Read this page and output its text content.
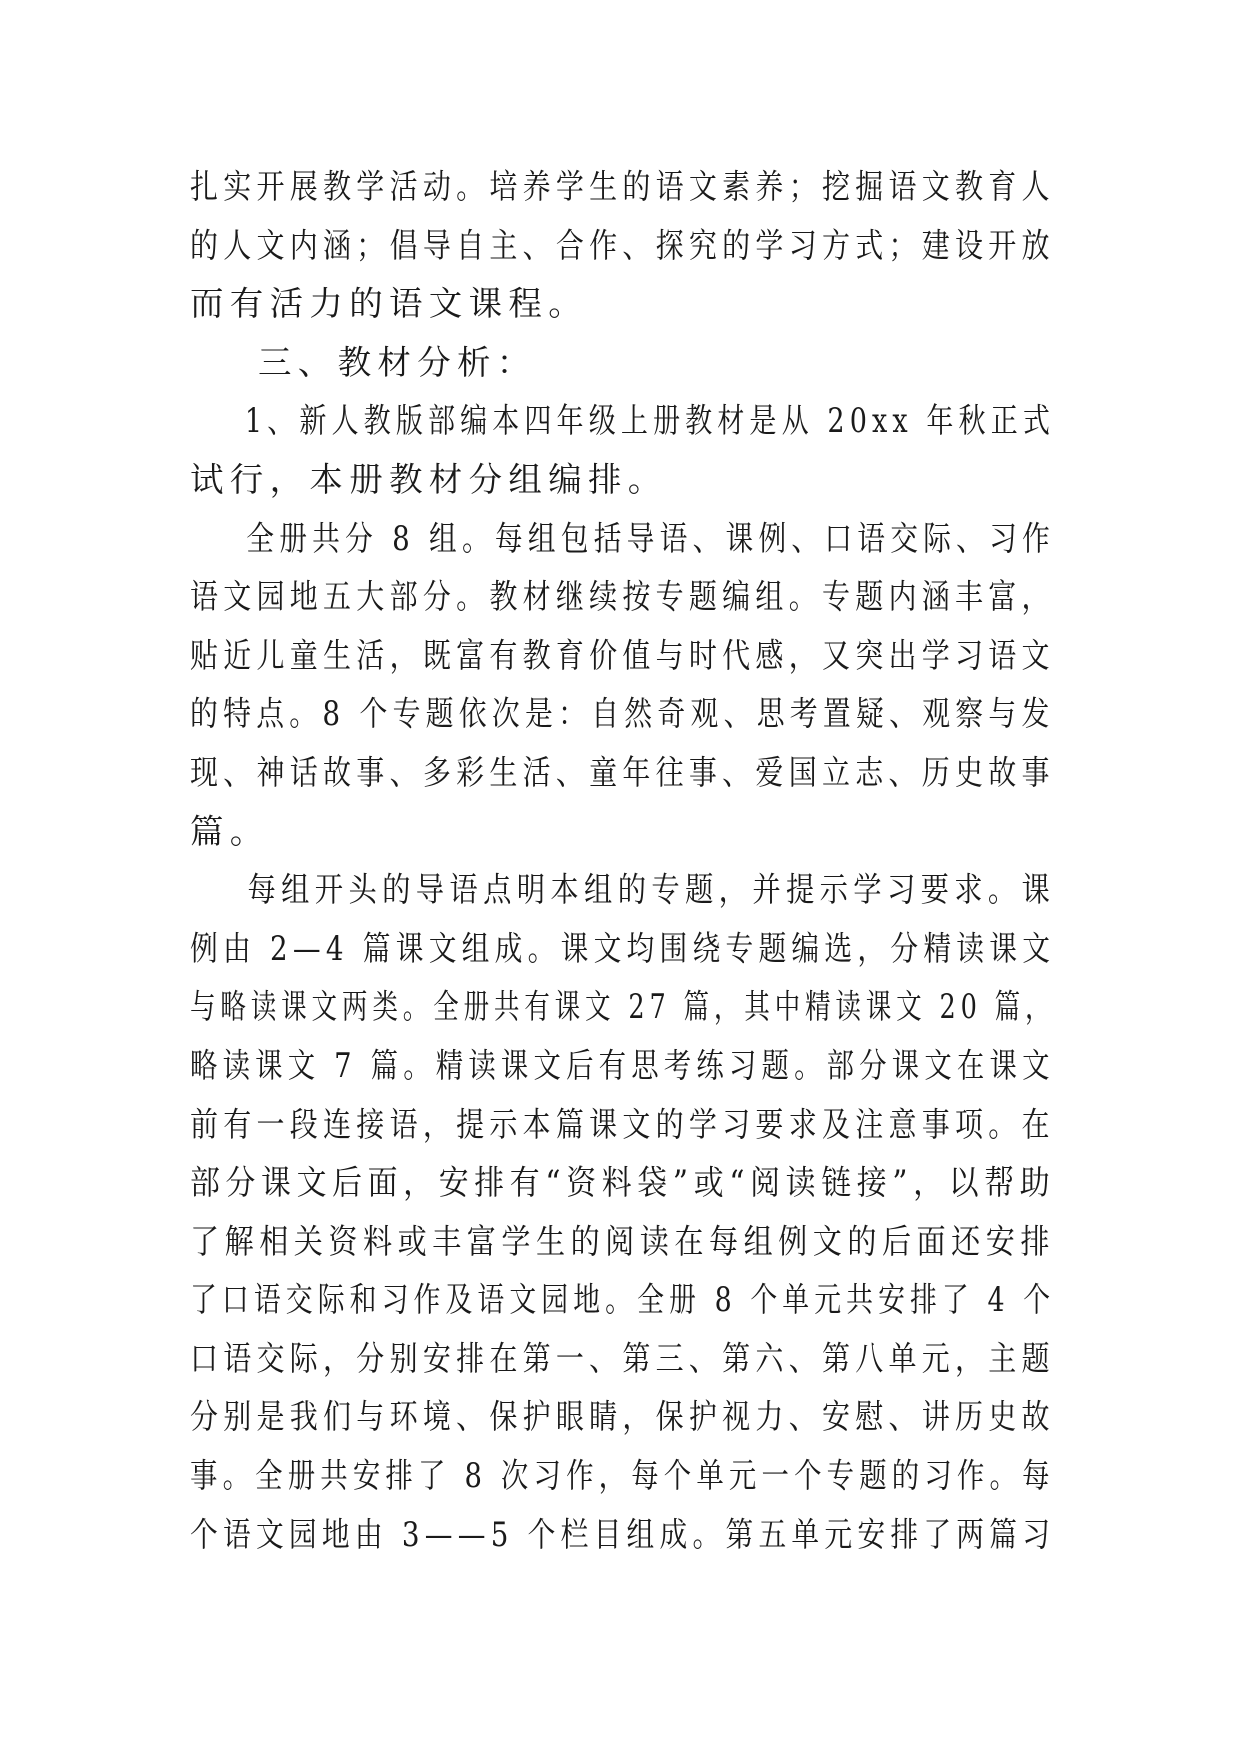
扎实开展教学活动。培养学生的语文素养；挖掘语文教育人
的人文内涵；倡导自主、合作、探究的学习方式；建设开放
而有活力的语文课程。
三、教材分析：
1、新人教版部编本四年级上册教材是从 20xx 年秋正式
试行，本册教材分组编排。
全册共分 8 组。每组包括导语、课例、口语交际、习作
语文园地五大部分。教材继续按专题编组。专题内涵丰富，
贴近儿童生活，既富有教育价值与时代感，又突出学习语文
的特点。8 个专题依次是：自然奇观、思考置疑、观察与发
现、神话故事、多彩生活、童年往事、爱国立志、历史故事
篇。
每组开头的导语点明本组的专题，并提示学习要求。课
例由 2—4 篇课文组成。课文均围绕专题编选，分精读课文
与略读课文两类。全册共有课文 27 篇，其中精读课文 20 篇，
略读课文 7 篇。精读课文后有思考练习题。部分课文在课文
前有一段连接语，提示本篇课文的学习要求及注意事项。在
部分课文后面，安排有“资料袋”或“阅读链接”，以帮助
了解相关资料或丰富学生的阅读在每组例文的后面还安排
了口语交际和习作及语文园地。全册 8 个单元共安排了 4 个
口语交际，分别安排在第一、第三、第六、第八单元，主题
分别是我们与环境、保护眼睛，保护视力、安慰、讲历史故
事。全册共安排了 8 次习作，每个单元一个专题的习作。每
个语文园地由 3——5 个栏目组成。第五单元安排了两篇习
